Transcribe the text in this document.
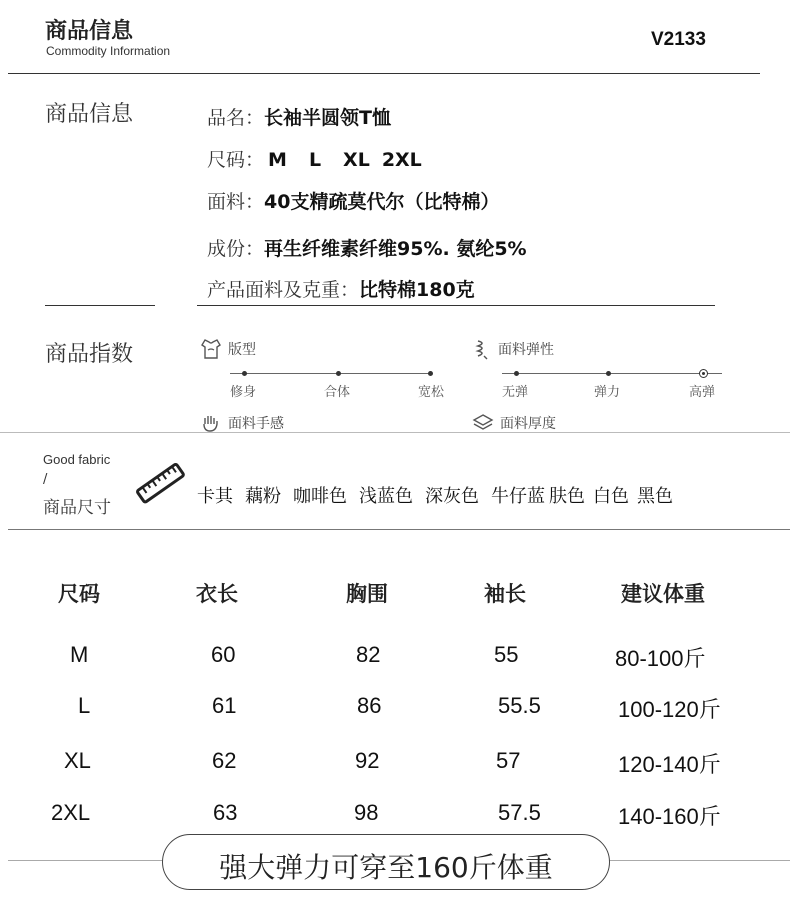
商品信息
Commodity Information
V2133
商品信息	品名：长袖半圆领T恤
尺码： M L XL 2XL
面料：40支精疏莫代尔（比特棉）
成份：再生纤维素纤维95%. 氨纶5%
产品面料及克重：比特棉180克
商品指数	版型
修身	合体	宽松
面料弹性
无弹	弹力	高弹
面料手感	面料厚度
Good fabric
/
商品尺寸
卡其 藕粉 咖啡色 浅蓝色 深灰色 牛仔蓝 肤色 白色 黑色
尺码	衣长	胸围	袖长	建议体重
M	60	82	55	80-100斤
L	61	86	55.5	100-120斤
XL	62	92	57	120-140斤
2XL	63	98	57.5	140-160斤
强大弹力可穿至160斤体重
